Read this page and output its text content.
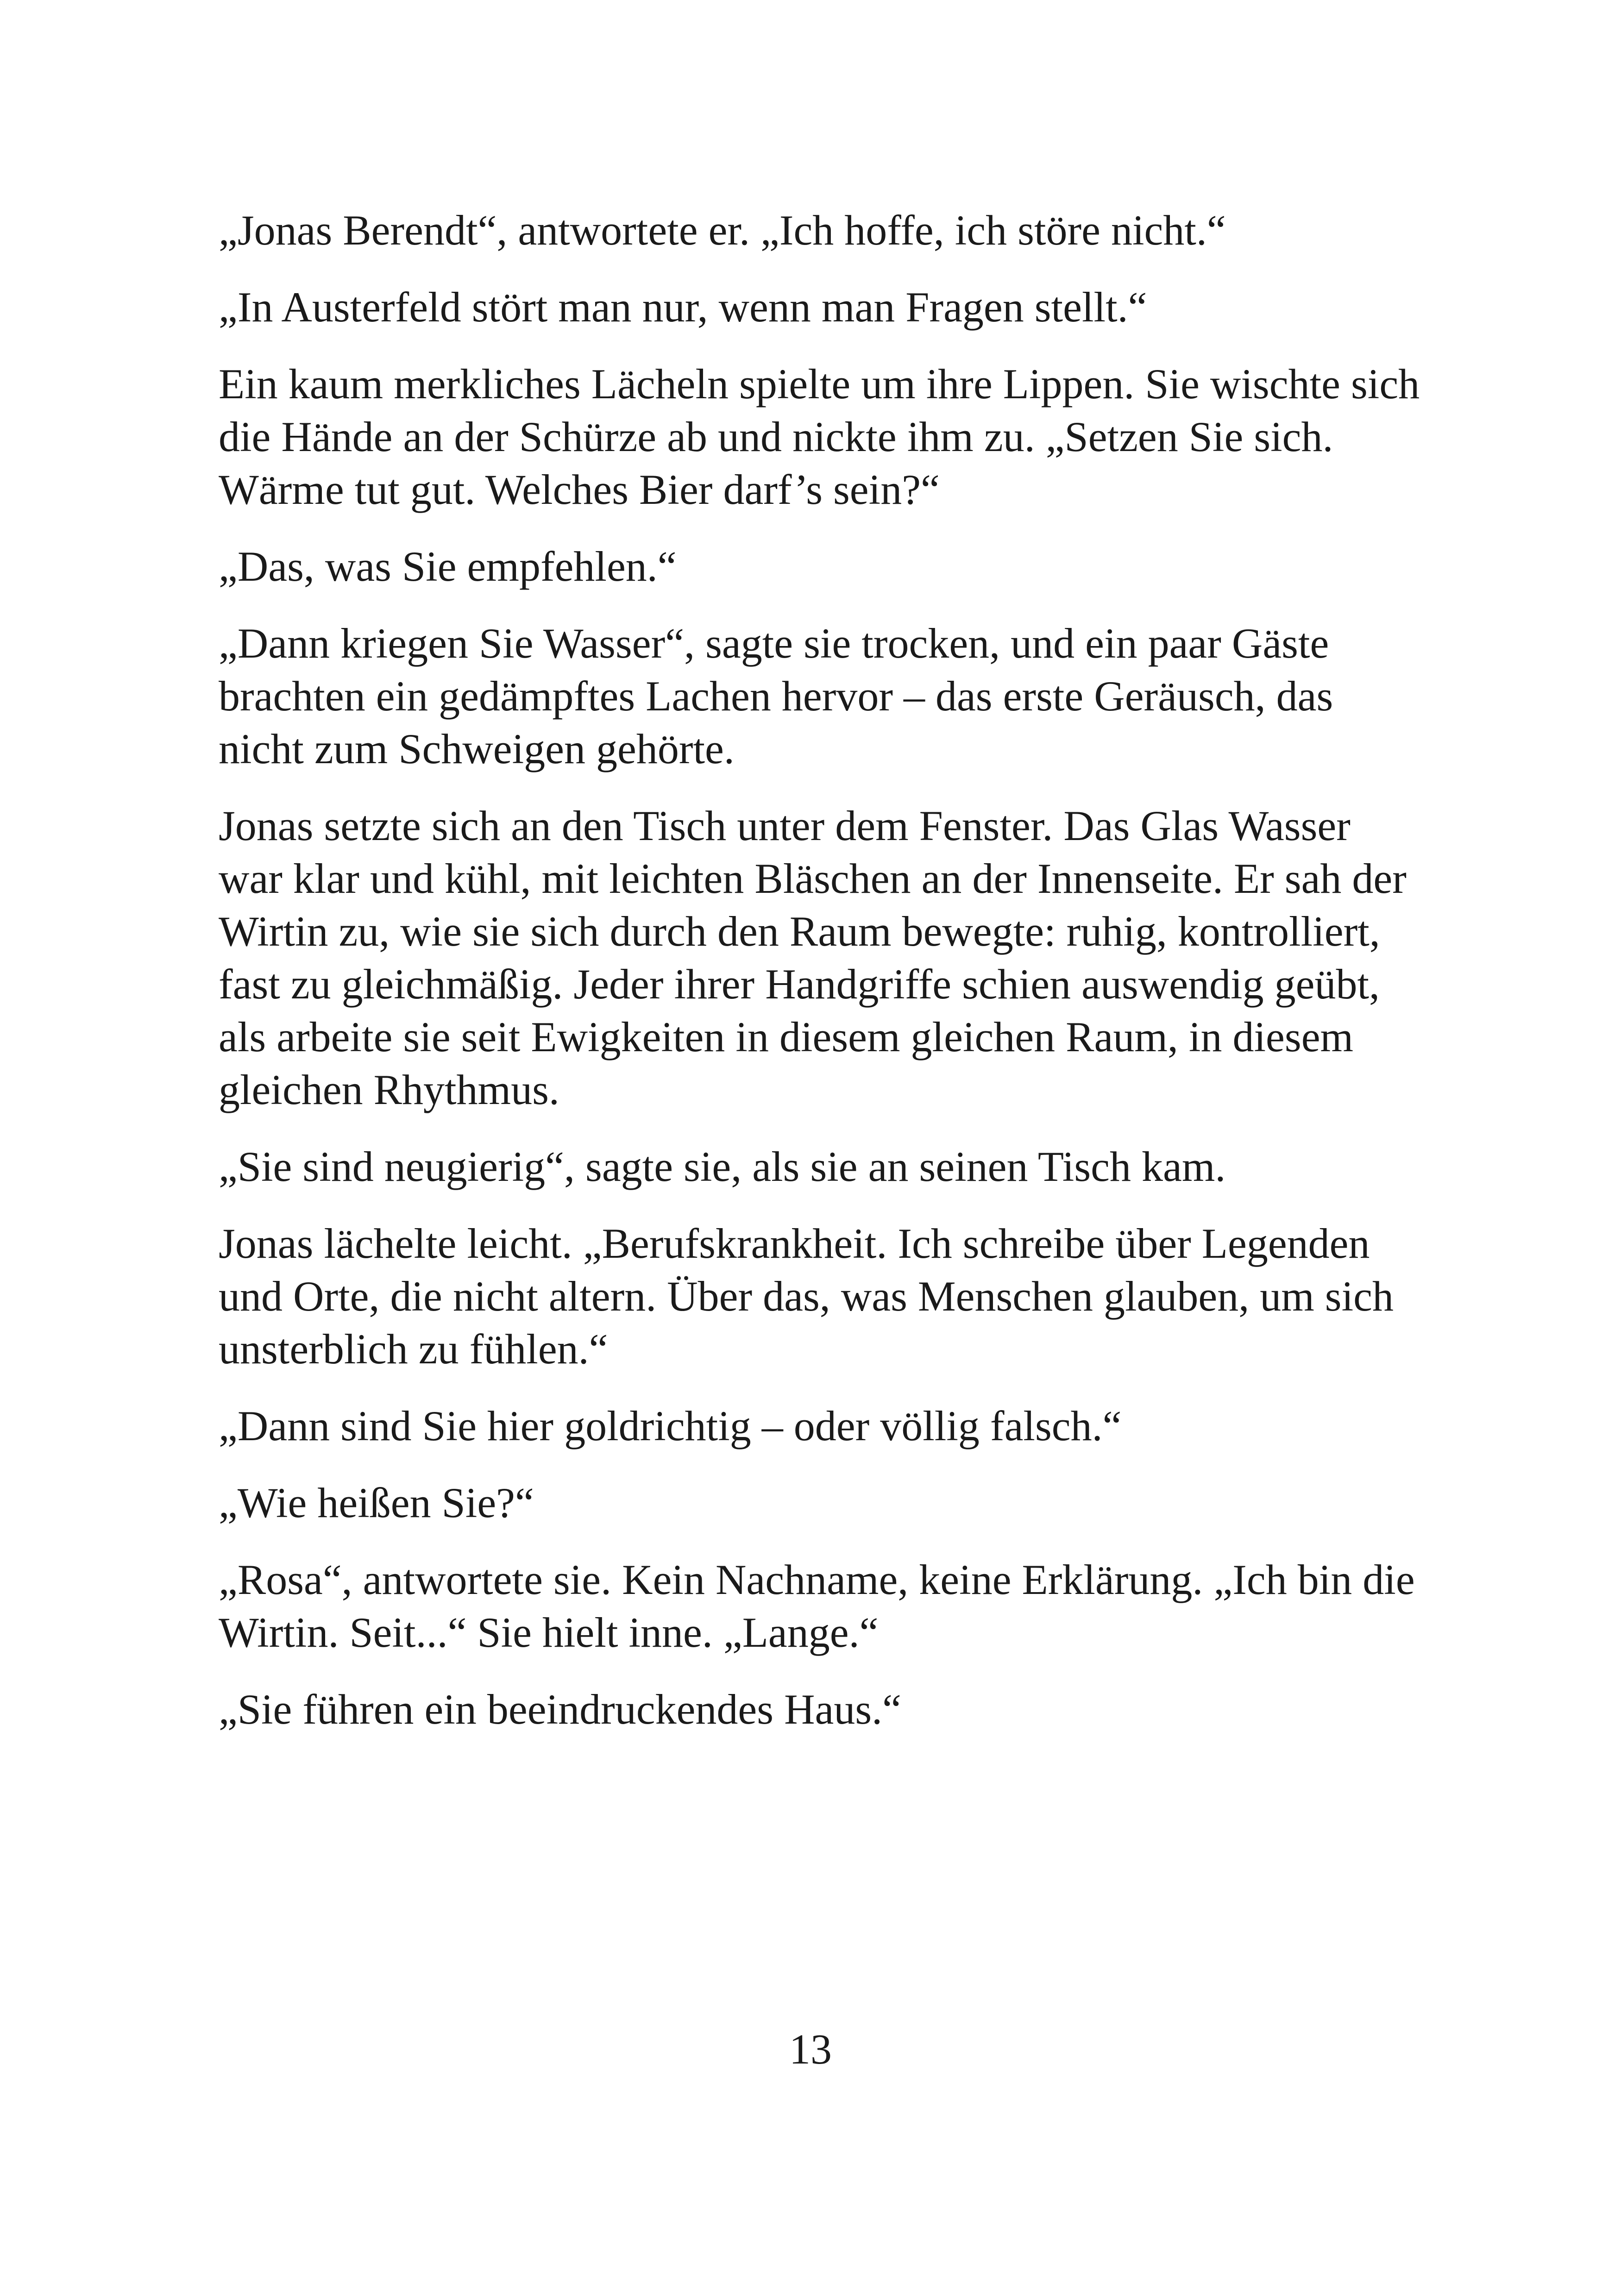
„Jonas Berendt“, antwortete er. „Ich hoffe, ich störe nicht.“

„In Austerfeld stört man nur, wenn man Fragen stellt.“

Ein kaum merkliches Lächeln spielte um ihre Lippen. Sie wischte sich die Hände an der Schürze ab und nickte ihm zu. „Setzen Sie sich. Wärme tut gut. Welches Bier darf’s sein?“

„Das, was Sie empfehlen.“

„Dann kriegen Sie Wasser“, sagte sie trocken, und ein paar Gäste brachten ein gedämpftes Lachen hervor – das erste Geräusch, das nicht zum Schweigen gehörte.

Jonas setzte sich an den Tisch unter dem Fenster. Das Glas Wasser war klar und kühl, mit leichten Bläschen an der Innenseite. Er sah der Wirtin zu, wie sie sich durch den Raum bewegte: ruhig, kontrolliert, fast zu gleichmäßig. Jeder ihrer Handgriffe schien auswendig geübt, als arbeite sie seit Ewigkeiten in diesem gleichen Raum, in diesem gleichen Rhythmus.

„Sie sind neugierig“, sagte sie, als sie an seinen Tisch kam.

Jonas lächelte leicht. „Berufskrankheit. Ich schreibe über Legenden und Orte, die nicht altern. Über das, was Menschen glauben, um sich unsterblich zu fühlen.“

„Dann sind Sie hier goldrichtig – oder völlig falsch.“

„Wie heißen Sie?“

„Rosa“, antwortete sie. Kein Nachname, keine Erklärung. „Ich bin die Wirtin. Seit...“ Sie hielt inne. „Lange.“

„Sie führen ein beeindruckendes Haus.“

13
